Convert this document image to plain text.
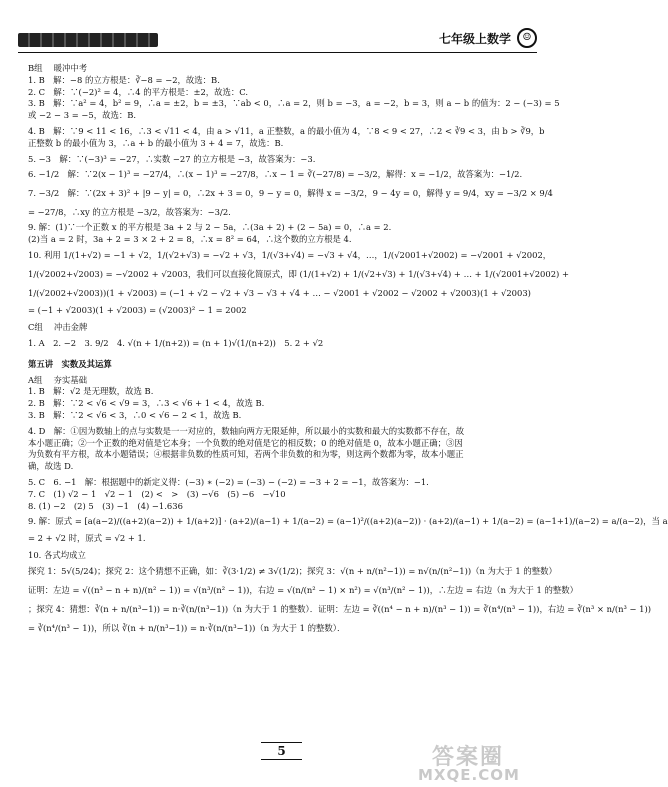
七年级上数学	☺

B组　 暖冲中考

1. B　解：−8 的立方根是：∛−8 = −2，故选：B.

2. C　解：∵(−2)² = 4，∴4 的平方根是：±2，故选：C.

3. B　解：∵a² = 4，b² = 9，∴a = ±2，b = ±3，∵ab < 0，∴a = 2，则 b = −3，a = −2，b = 3，则 a − b 的值为：2 − (−3) = 5

或 −2 − 3 = −5，故选：B.

4. B　解：∵9 < 11 < 16，∴3 < √11 < 4，由 a > √11，a 正整数，a 的最小值为 4，∵8 < 9 < 27，∴2 < ∛9 < 3，由 b > ∛9，b

正整数 b 的最小值为 3，∴a + b 的最小值为 3 + 4 = 7，故选：B.

5. −3　解：∵(−3)³ = −27，∴实数 −27 的立方根是 −3，故答案为：−3.

6. −1/2　解：∵2(x − 1)³ = −27/4，∴(x − 1)³ = −27/8，∴x − 1 = ∛(−27/8) = −3/2，解得：x = −1/2，故答案为：−1/2.

7. −3/2　解：∵(2x + 3)² + |9 − y| = 0，∴2x + 3 = 0，9 − y = 0，解得 x = −3/2，9 − 4y = 0，解得 y = 9/4，xy = −3/2 × 9/4

= −27/8，∴xy 的立方根是 −3/2，故答案为：−3/2.

9. 解：(1)∵一个正数 x 的平方根是 3a + 2 与 2 − 5a，∴(3a + 2) + (2 − 5a) = 0，∴a = 2.

(2)当 a = 2 时，3a + 2 = 3 × 2 + 2 = 8，∴x = 8² = 64，∴这个数的立方根是 4.

10. 利用 1/(1+√2) = −1 + √2，1/(√2+√3) = −√2 + √3，1/(√3+√4) = −√3 + √4，…，1/(√2001+√2002) = −√2001 + √2002，

1/(√2002+√2003) = −√2002 + √2003，我们可以直接化简原式，即 (1/(1+√2) + 1/(√2+√3) + 1/(√3+√4) + … + 1/(√2001+√2002) +

1/(√2002+√2003))(1 + √2003) = (−1 + √2 − √2 + √3 − √3 + √4 + … − √2001 + √2002 − √2002 + √2003)(1 + √2003)

= (−1 + √2003)(1 + √2003) = (√2003)² − 1 = 2002

C组　 冲击金牌

1. A　2. −2　3. 9/2　4. √(n + 1/(n+2)) = (n + 1)√(1/(n+2))　5. 2 + √2

第五讲　实数及其运算

A组　 夯实基础

1. B　解：√2 是无理数，故选 B.

2. B　解：∵2 < √6 < √9 = 3，∴3 < √6 + 1 < 4，故选 B.

3. B　解：∵2 < √6 < 3，∴0 < √6 − 2 < 1，故选 B.

4. D　解：①因为数轴上的点与实数是一一对应的，数轴向两方无限延伸，所以最小的实数和最大的实数都不存在，故

本小题正确；②一个正数的绝对值是它本身；一个负数的绝对值是它的相反数；0 的绝对值是 0，故本小题正确；③因

为负数有平方根，故本小题错误；④根据非负数的性质可知，若两个非负数的和为零，则这两个数都为零，故本小题正

确，故选 D.

5. C　6. −1　解：根据题中的新定义得：(−3) ∗ (−2) = (−3) − (−2) = −3 + 2 = −1，故答案为：−1.

7. C　(1) √2 − 1　√2 − 1　(2) <　>　(3) −√6　(5) −6　−√10

8. (1) −2　(2) 5　(3) −1　(4) −1.636

9. 解：原式 = [a(a−2)/((a+2)(a−2)) + 1/(a+2)] · (a+2)/(a−1) + 1/(a−2) = (a−1)²/((a+2)(a−2)) · (a+2)/(a−1) + 1/(a−2) = (a−1+1)/(a−2) = a/(a−2)，当 a

= 2 + √2 时，原式 = √2 + 1.

10. 各式均成立

探究 1：5√(5/24)；探究 2：这个猜想不正确，如：∛(3·1/2) ≠ 3√(1/2)；探究 3：√(n + n/(n²−1)) = n√(n/(n²−1))（n 为大于 1 的整数）

证明：左边 = √((n³ − n + n)/(n² − 1)) = √(n³/(n² − 1))，右边 = √(n/(n² − 1) × n²) = √(n³/(n² − 1))，∴左边 = 右边（n 为大于 1 的整数）

；探究 4：猜想：∛(n + n/(n³−1)) = n·∛(n/(n³−1))（n 为大于 1 的整数）．证明：左边 = ∛((n⁴ − n + n)/(n³ − 1)) = ∛(n⁴/(n³ − 1))，右边 = ∛(n³ × n/(n³ − 1))

= ∛(n⁴/(n³ − 1))，所以 ∛(n + n/(n³−1)) = n·∛(n/(n³−1))（n 为大于 1 的整数）．

5	答案圈
MXQE.COM
